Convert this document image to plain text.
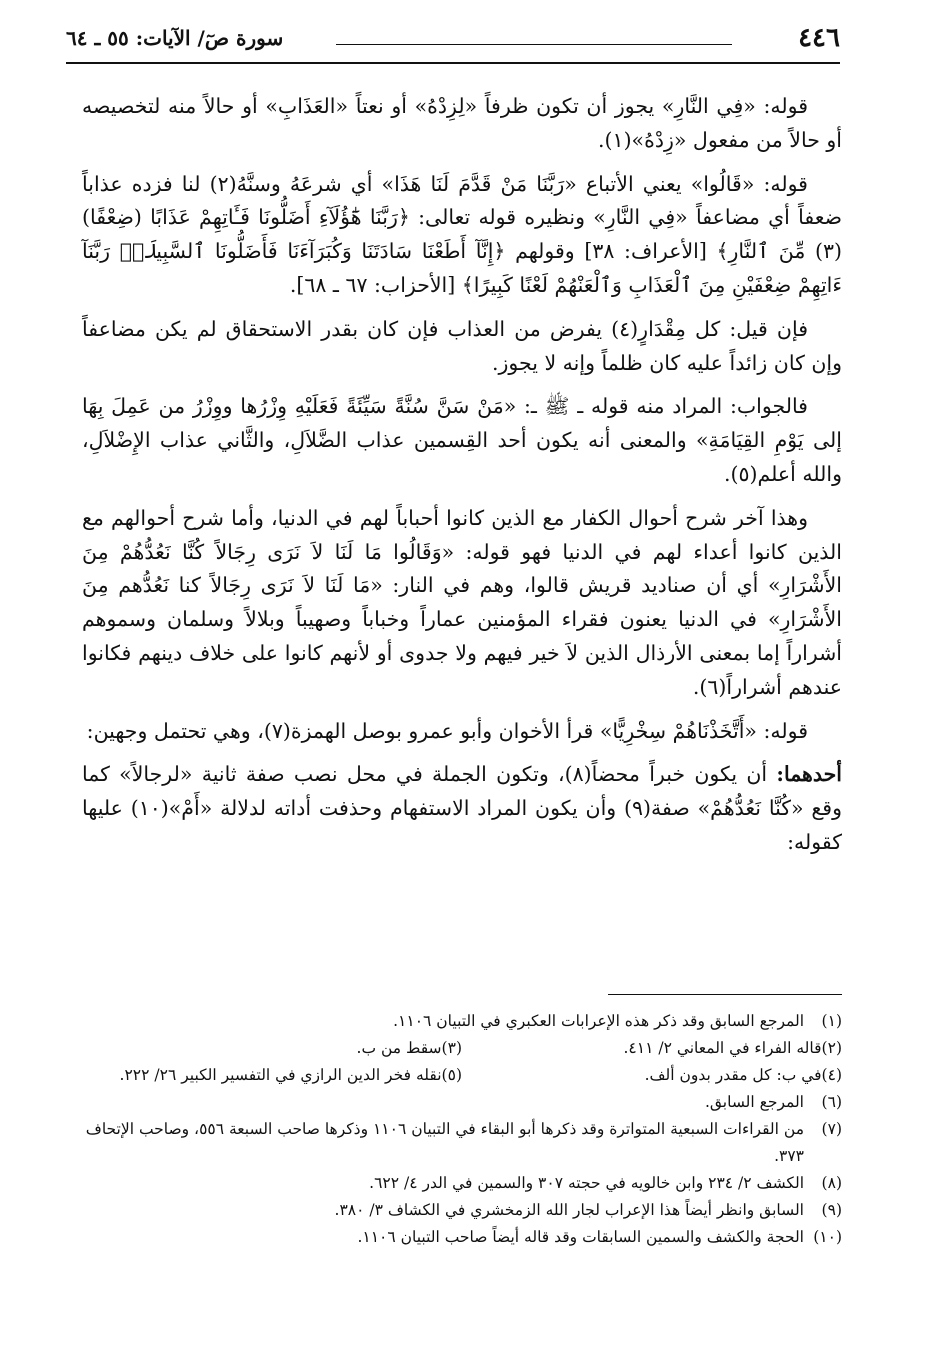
٤٤٦
سورة صٓ/ الآيات: ٥٥ ـ ٦٤

قوله: «فِي النَّارِ» يجوز أن تكون ظرفاً «لِزِدْهُ» أو نعتاً «العَذَابِ» أو حالاً منه لتخصيصه أو حالاً من مفعول «زِدْهُ»(١).

قوله: «قَالُوا» يعني الأتباع «رَبَّنَا مَنْ قَدَّمَ لَنَا هَذَا» أي شرعَهُ وسنَّهُ(٢) لنا فزده عذاباً ضعفاً أي مضاعفاً «فِي النَّارِ» ونظيره قوله تعالى: ﴿رَبَّنَا هَٰٓؤُلَآءِ أَضَلُّونَا فَـَٔاتِهِمْ عَذَابًا (ضِعْفًا)(٣) مِّنَ ٱلنَّارِ﴾ [الأعراف: ٣٨] وقولهم ﴿إِنَّآ أَطَعْنَا سَادَتَنَا وَكُبَرَآءَنَا فَأَضَلُّونَا ٱلسَّبِيلَا۠ رَبَّنَآ ءَاتِهِمْ ضِعْفَيْنِ مِنَ ٱلْعَذَابِ وَٱلْعَنْهُمْ لَعْنًا كَبِيرًا﴾ [الأحزاب: ٦٧ ـ ٦٨].

فإن قيل: كل مِقْدَارٍ(٤) يفرض من العذاب فإن كان بقدر الاستحقاق لم يكن مضاعفاً وإن كان زائداً عليه كان ظلماً وإنه لا يجوز.

فالجواب: المراد منه قوله ـ ﷺ ـ: «مَنْ سَنَّ سُنَّةً سَيِّئَةً فَعَلَيْهِ وِزْرُها ووِزْرُ من عَمِلَ بِهَا إلى يَوْمِ القِيَامَةِ» والمعنى أنه يكون أحد القِسمين عذاب الضَّلاَلِ، والثَّاني عذاب الإِضْلاَلِ، والله أعلم(٥).

وهذا آخر شرح أحوال الكفار مع الذين كانوا أحباباً لهم في الدنيا، وأما شرح أحوالهم مع الذين كانوا أعداء لهم في الدنيا فهو قوله: «وَقَالُوا مَا لَنَا لاَ نَرَى رِجَالاً كُنَّا نَعُدُّهُمْ مِنَ الأَشْرَارِ» أي أن صناديد قريش قالوا، وهم في النار: «مَا لَنَا لاَ نَرَى رِجَالاً كنا نَعُدُّهم مِنَ الأَشْرَارِ» في الدنيا يعنون فقراء المؤمنين عماراً وخباباً وصهيباً وبلالاً وسلمان وسموهم أشراراً إما بمعنى الأرذال الذين لاَ خير فيهم ولا جدوى أو لأنهم كانوا على خلاف دينهم فكانوا عندهم أشراراً(٦).

قوله: «أَتَّخَذْنَاهُمْ سِخْرِيًّا» قرأ الأخوان وأبو عمرو بوصل الهمزة(٧)، وهي تحتمل وجهين:

أحدهما: أن يكون خبراً محضاً(٨)، وتكون الجملة في محل نصب صفة ثانية «لرجالاً» كما وقع «كُنَّا نَعُدُّهُمْ» صفة(٩) وأن يكون المراد الاستفهام وحذفت أداته لدلالة «أَمْ»(١٠) عليها كقوله:

(١)
المرجع السابق وقد ذكر هذه الإعرابات العكبري في التبيان ١١٠٦.

(٢)
قاله الفراء في المعاني ٢/ ٤١١.
(٣)
سقط من ب.
(٤)
في ب: كل مقدر بدون ألف.
(٥)
نقله فخر الدين الرازي في التفسير الكبير ٢٦/ ٢٢٢.

(٦)
المرجع السابق.

(٧)
من القراءات السبعية المتواترة وقد ذكرها أبو البقاء في التبيان ١١٠٦ وذكرها صاحب السبعة ٥٥٦، وصاحب الإتحاف ٣٧٣.

(٨)
الكشف ٢/ ٢٣٤ وابن خالويه في حجته ٣٠٧ والسمين في الدر ٤/ ٦٢٢.

(٩)
السابق وانظر أيضاً هذا الإعراب لجار الله الزمخشري في الكشاف ٣/ ٣٨٠.

(١٠)
الحجة والكشف والسمين السابقات وقد قاله أيضاً صاحب التبيان ١١٠٦.
